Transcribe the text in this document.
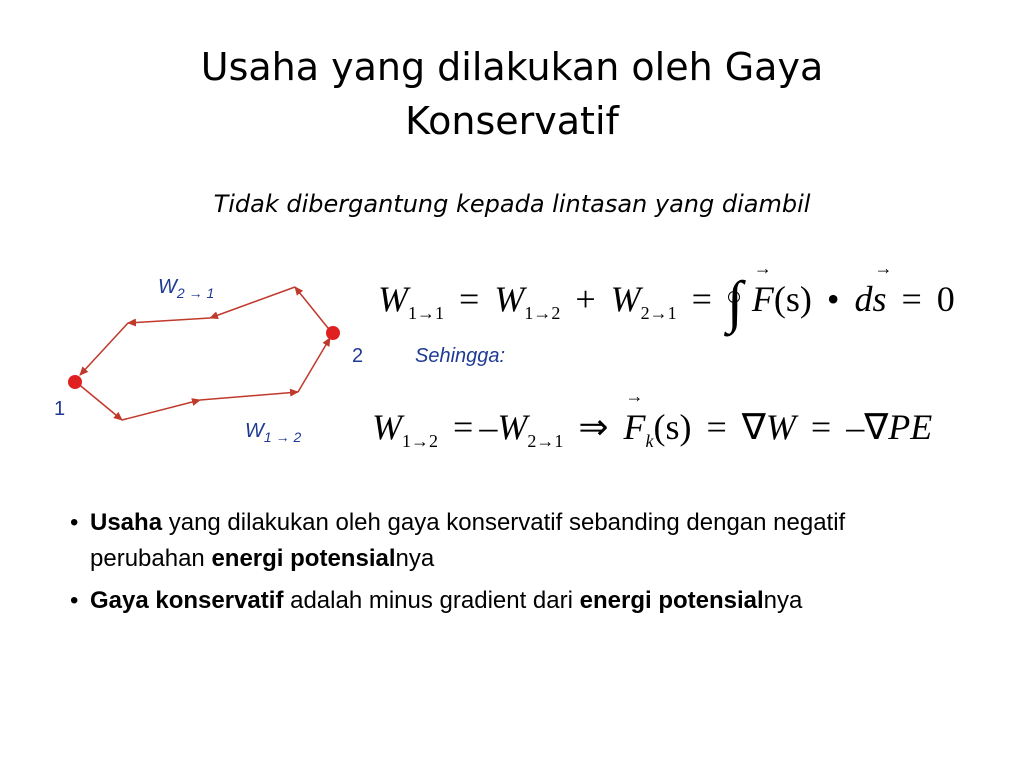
Usaha yang dilakukan oleh Gaya
Konservatif
Tidak dibergantung kepada lintasan yang diambil
$W_{2 \to 1}$
$W_{1 \to 2}$
1
2	Sehingga:
$W_{1\to 1} = W_{1\to 2} + W_{2\to 1}$ = ∫ → F(s) • d→ s = 0
$W_{1\to 2} = -W_{2\to 1}$ ⇒ → $F_k(s) = \nabla W = -\nabla PE$
• Usaha yang dilakukan oleh gaya konservatif sebanding dengan negatif perubahan energi potensialnya
• Gaya konservatif adalah minus gradient dari energi potensialnya
